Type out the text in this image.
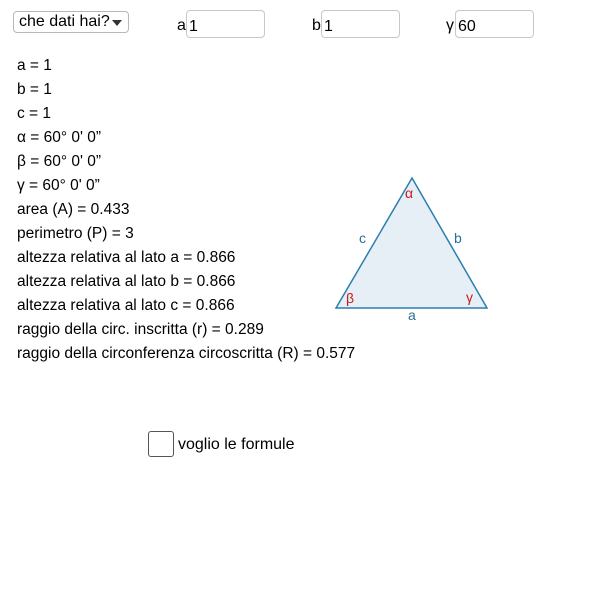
che dati hai?	a 1	b 1	γ 60
a = 1
b = 1
c = 1
α = 60° 0' 0”
β = 60° 0' 0”
γ = 60° 0' 0”
area (A) = 0.433
perimetro (P) = 3
altezza relativa al lato a = 0.866
altezza relativa al lato b = 0.866
altezza relativa al lato c = 0.866
raggio della circ. inscritta (r) = 0.289
raggio della circonferenza circoscritta (R) = 0.577
α
β	γ
c	b
a
voglio le formule
